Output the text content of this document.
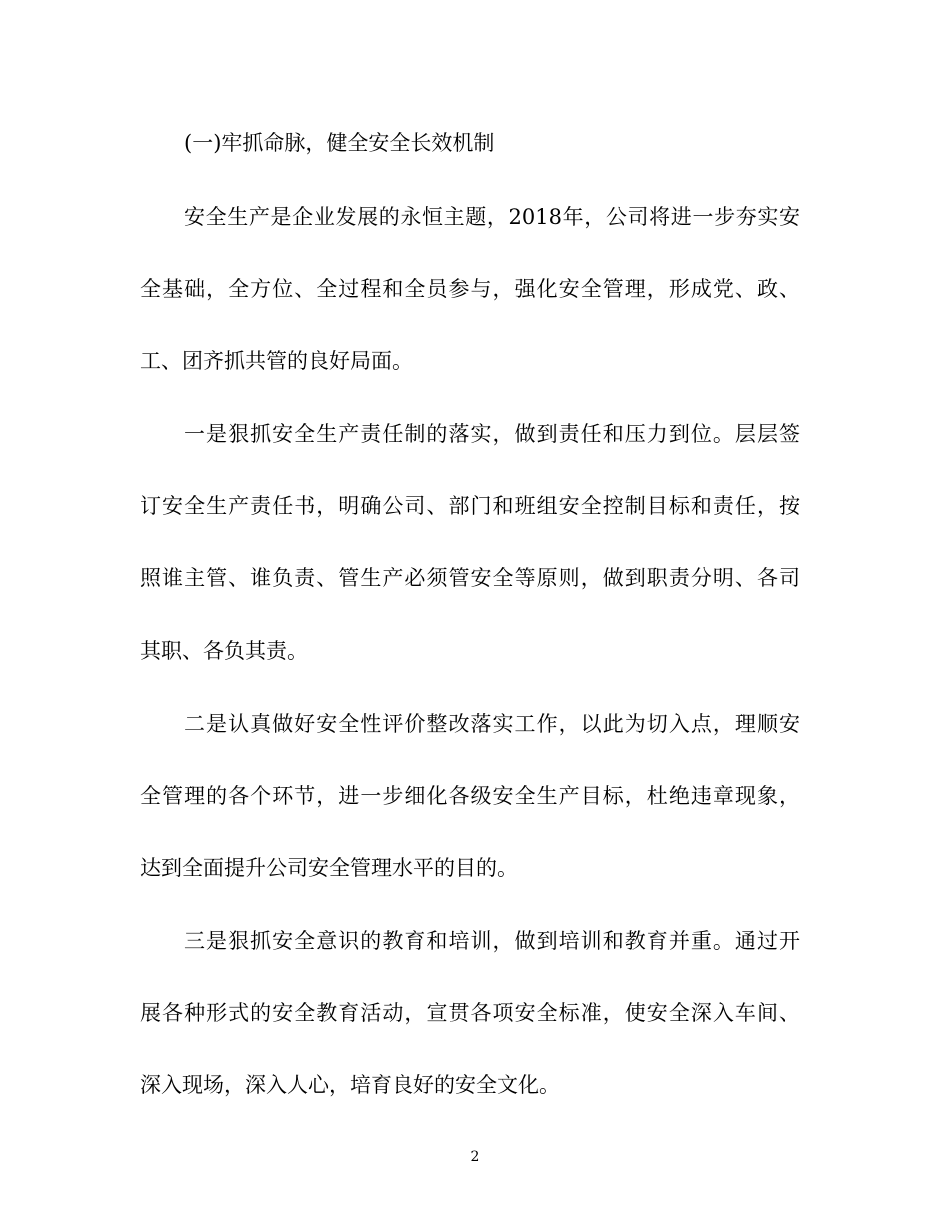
(一)牢抓命脉，健全安全长效机制
安全生产是企业发展的永恒主题，2018年，公司将进一步夯实安
全基础，全方位、全过程和全员参与，强化安全管理，形成党、政、
工、团齐抓共管的良好局面。
一是狠抓安全生产责任制的落实，做到责任和压力到位。层层签
订安全生产责任书，明确公司、部门和班组安全控制目标和责任，按
照谁主管、谁负责、管生产必须管安全等原则，做到职责分明、各司
其职、各负其责。
二是认真做好安全性评价整改落实工作，以此为切入点，理顺安
全管理的各个环节，进一步细化各级安全生产目标，杜绝违章现象，
达到全面提升公司安全管理水平的目的。
三是狠抓安全意识的教育和培训，做到培训和教育并重。通过开
展各种形式的安全教育活动，宣贯各项安全标准，使安全深入车间、
深入现场，深入人心，培育良好的安全文化。
2
